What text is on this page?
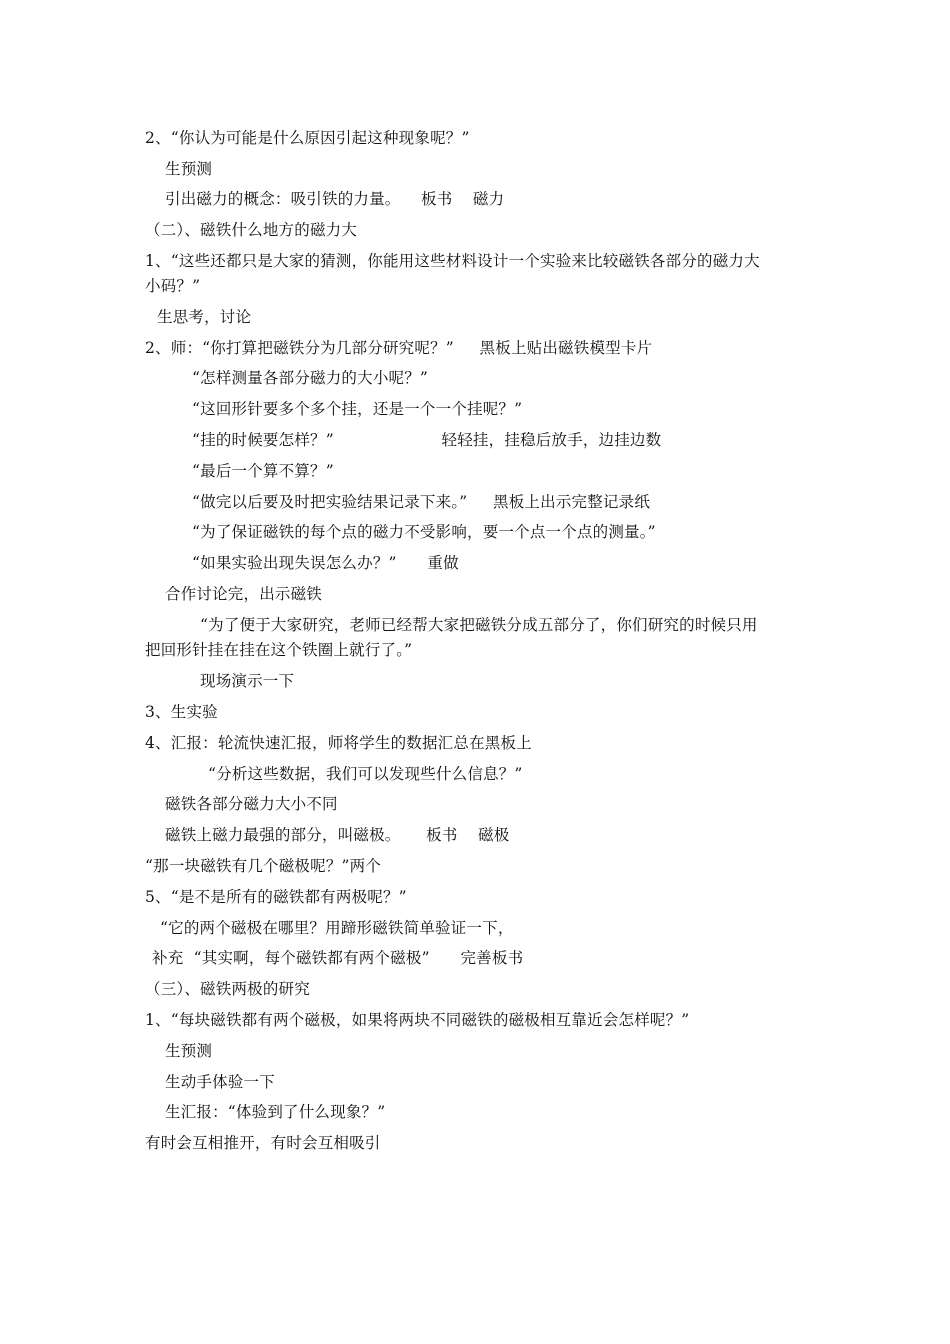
2、“你认为可能是什么原因引起这种现象呢？”
生预测
引出磁力的概念：吸引铁的力量。    板书    磁力
（二）、磁铁什么地方的磁力大
1、“这些还都只是大家的猜测，你能用这些材料设计一个实验来比较磁铁各部分的磁力大
小码？”
生思考，讨论
2、师：“你打算把磁铁分为几部分研究呢？”     黑板上贴出磁铁模型卡片
“怎样测量各部分磁力的大小呢？”
“这回形针要多个多个挂，还是一个一个挂呢？”
“挂的时候要怎样？”                     轻轻挂，挂稳后放手，边挂边数
“最后一个算不算？”
“做完以后要及时把实验结果记录下来。”     黑板上出示完整记录纸
“为了保证磁铁的每个点的磁力不受影响，要一个点一个点的测量。”
“如果实验出现失误怎么办？”      重做
合作讨论完，出示磁铁
“为了便于大家研究，老师已经帮大家把磁铁分成五部分了，你们研究的时候只用
把回形针挂在挂在这个铁圈上就行了。”
现场演示一下
3、生实验
4、汇报：轮流快速汇报，师将学生的数据汇总在黑板上
“分析这些数据，我们可以发现些什么信息？”
磁铁各部分磁力大小不同
磁铁上磁力最强的部分，叫磁极。     板书    磁极
“那一块磁铁有几个磁极呢？”两个
5、“是不是所有的磁铁都有两极呢？”
“它的两个磁极在哪里？用蹄形磁铁简单验证一下，
补充  “其实啊，每个磁铁都有两个磁极”      完善板书
（三）、磁铁两极的研究
1、“每块磁铁都有两个磁极，如果将两块不同磁铁的磁极相互靠近会怎样呢？”
生预测
生动手体验一下
生汇报：“体验到了什么现象？”
有时会互相推开，有时会互相吸引
